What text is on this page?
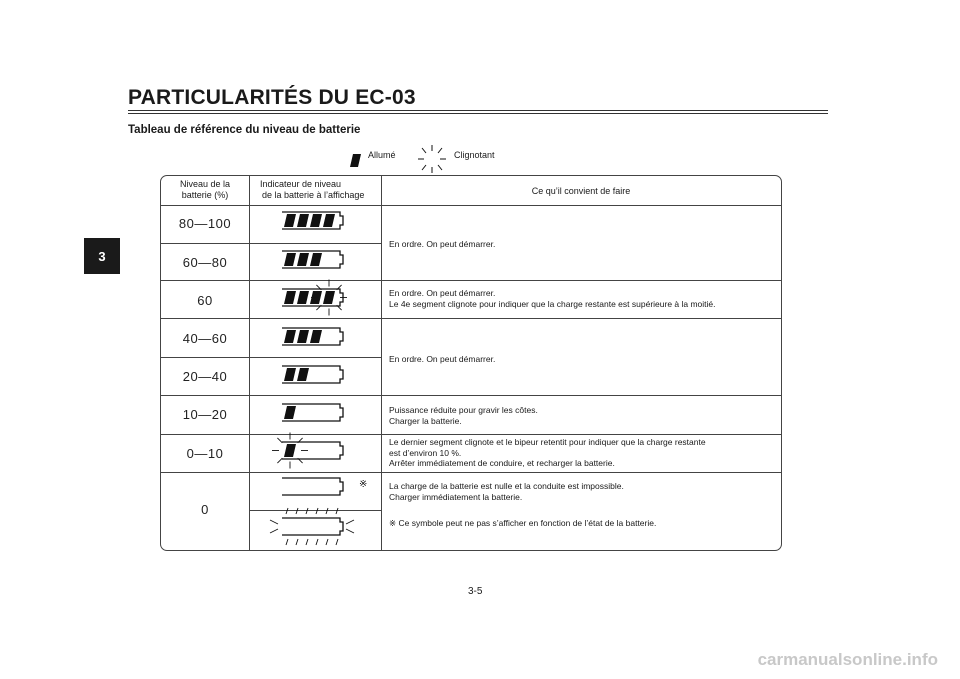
3
PARTICULARITÉS DU EC-03
Tableau de référence du niveau de batterie
Allumé	Clignotant
Niveau de la
batterie (%)
Indicateur de niveau
de la batterie à l’affichage	Ce qu’il convient de faire
80—100
60—80
60
40—60
20—40
10—20
0—10
0
En ordre. On peut démarrer.
En ordre. On peut démarrer.
Le 4e segment clignote pour indiquer que la charge restante est supérieure à la moitié.
En ordre. On peut démarrer.
Puissance réduite pour gravir les côtes.
Charger la batterie.
Le dernier segment clignote et le bipeur retentit pour indiquer que la charge restante
est d’environ 10 %.
Arrêter immédiatement de conduire, et recharger la batterie.
La charge de la batterie est nulle et la conduite est impossible.
Charger immédiatement la batterie.
※ Ce symbole peut ne pas s’afficher en fonction de l’état de la batterie.
※
3-5
carmanualsonline.info
